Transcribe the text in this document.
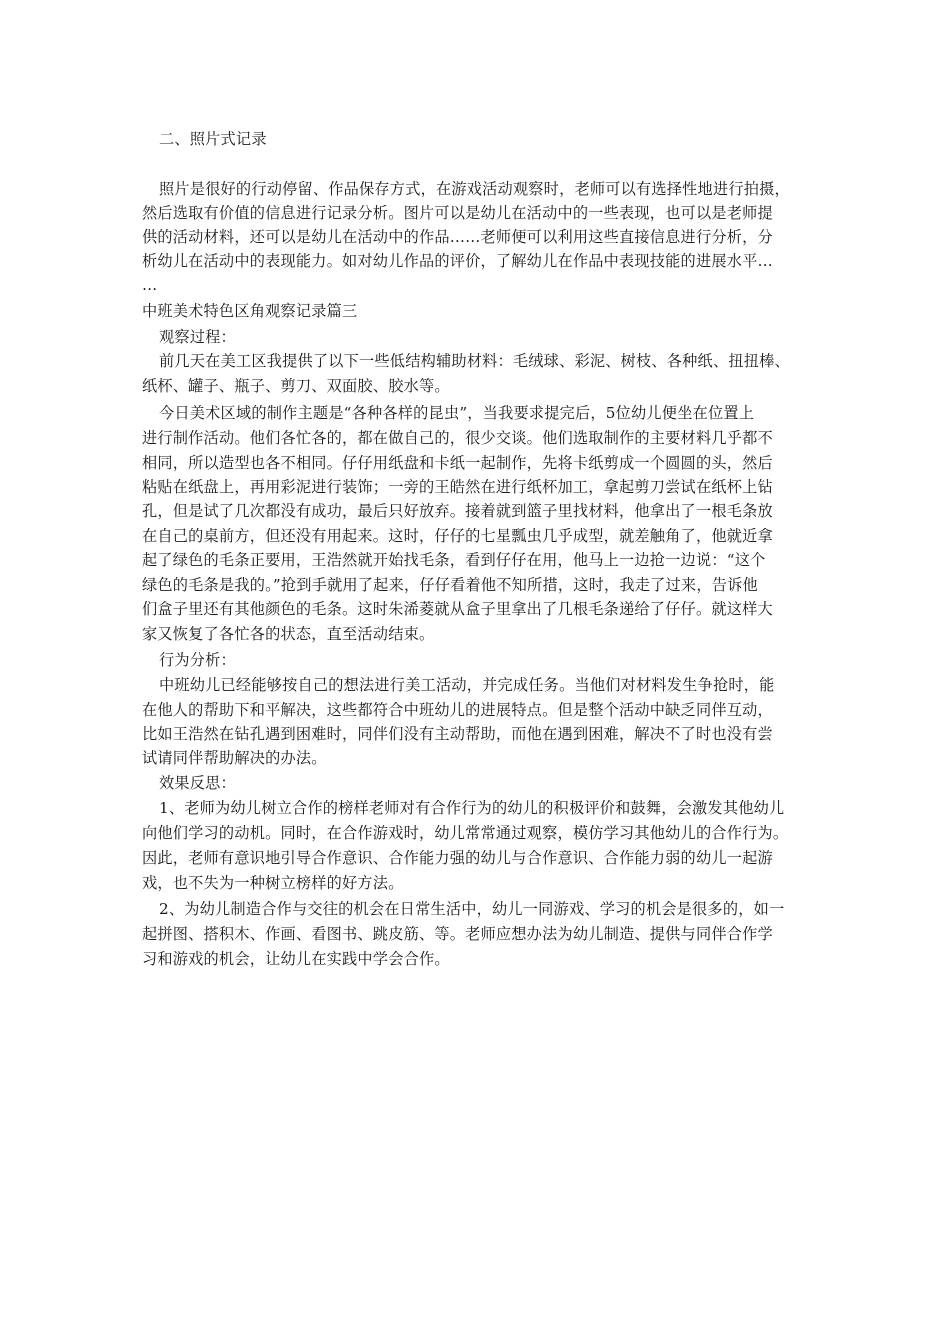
二、照片式记录
照片是很好的行动停留、作品保存方式，在游戏活动观察时，老师可以有选择性地进行拍摄，
然后选取有价值的信息进行记录分析。图片可以是幼儿在活动中的一些表现，也可以是老师提
供的活动材料，还可以是幼儿在活动中的作品……老师便可以利用这些直接信息进行分析，分
析幼儿在活动中的表现能力。如对幼儿作品的评价，了解幼儿在作品中表现技能的进展水平…
…
中班美术特色区角观察记录篇三
观察过程：
前几天在美工区我提供了以下一些低结构辅助材料：毛绒球、彩泥、树枝、各种纸、扭扭棒、
纸杯、罐子、瓶子、剪刀、双面胶、胶水等。
今日美术区域的制作主题是“各种各样的昆虫”，当我要求提完后，5位幼儿便坐在位置上
进行制作活动。他们各忙各的，都在做自己的，很少交谈。他们选取制作的主要材料几乎都不
相同，所以造型也各不相同。仔仔用纸盘和卡纸一起制作，先将卡纸剪成一个圆圆的头，然后
粘贴在纸盘上，再用彩泥进行装饰；一旁的王皓然在进行纸杯加工，拿起剪刀尝试在纸杯上钻
孔，但是试了几次都没有成功，最后只好放弃。接着就到篮子里找材料，他拿出了一根毛条放
在自己的桌前方，但还没有用起来。这时，仔仔的七星瓢虫几乎成型，就差触角了，他就近拿
起了绿色的毛条正要用，王浩然就开始找毛条，看到仔仔在用，他马上一边抢一边说：“这个
绿色的毛条是我的。”抢到手就用了起来，仔仔看着他不知所措，这时，我走了过来，告诉他
们盒子里还有其他颜色的毛条。这时朱浠菱就从盒子里拿出了几根毛条递给了仔仔。就这样大
家又恢复了各忙各的状态，直至活动结束。
行为分析：
中班幼儿已经能够按自己的想法进行美工活动，并完成任务。当他们对材料发生争抢时，能
在他人的帮助下和平解决，这些都符合中班幼儿的进展特点。但是整个活动中缺乏同伴互动，
比如王浩然在钻孔遇到困难时，同伴们没有主动帮助，而他在遇到困难，解决不了时也没有尝
试请同伴帮助解决的办法。
效果反思：
1、老师为幼儿树立合作的榜样老师对有合作行为的幼儿的积极评价和鼓舞，会激发其他幼儿
向他们学习的动机。同时，在合作游戏时，幼儿常常通过观察，模仿学习其他幼儿的合作行为。
因此，老师有意识地引导合作意识、合作能力强的幼儿与合作意识、合作能力弱的幼儿一起游
戏，也不失为一种树立榜样的好方法。
2、为幼儿制造合作与交往的机会在日常生活中，幼儿一同游戏、学习的机会是很多的，如一
起拼图、搭积木、作画、看图书、跳皮筋、等。老师应想办法为幼儿制造、提供与同伴合作学
习和游戏的机会，让幼儿在实践中学会合作。
